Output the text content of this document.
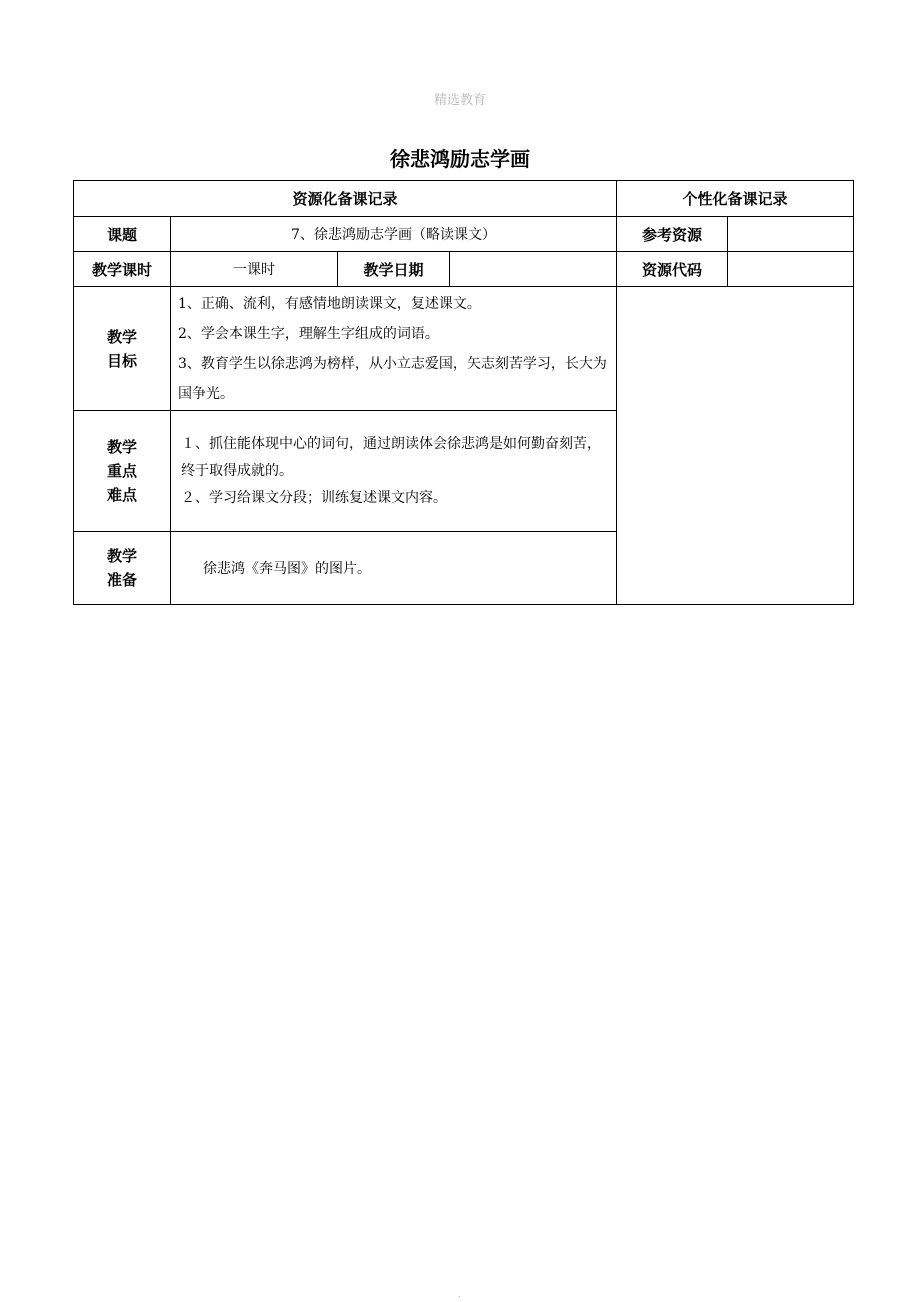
精选教育
徐悲鸿励志学画
资源化备课记录				个性化备课记录	
课题	7、徐悲鸿励志学画（略读课文）			参考资源	
教学课时	一课时	教学日期		资源代码	

教学
目标	1、正确、流利，有感情地朗读课文，复述课文。
2、学会本课生字，理解生字组成的词语。
3、教育学生以徐悲鸿为榜样，从小立志爱国，矢志刻苦学习，长大为国争光。				

教学
重点
难点	１、抓住能体现中心的词句，通过朗读体会徐悲鸿是如何勤奋刻苦，终于取得成就的。
２、学习给课文分段；训练复述课文内容。				

教学
准备	徐悲鸿《奔马图》的图片。				
.
